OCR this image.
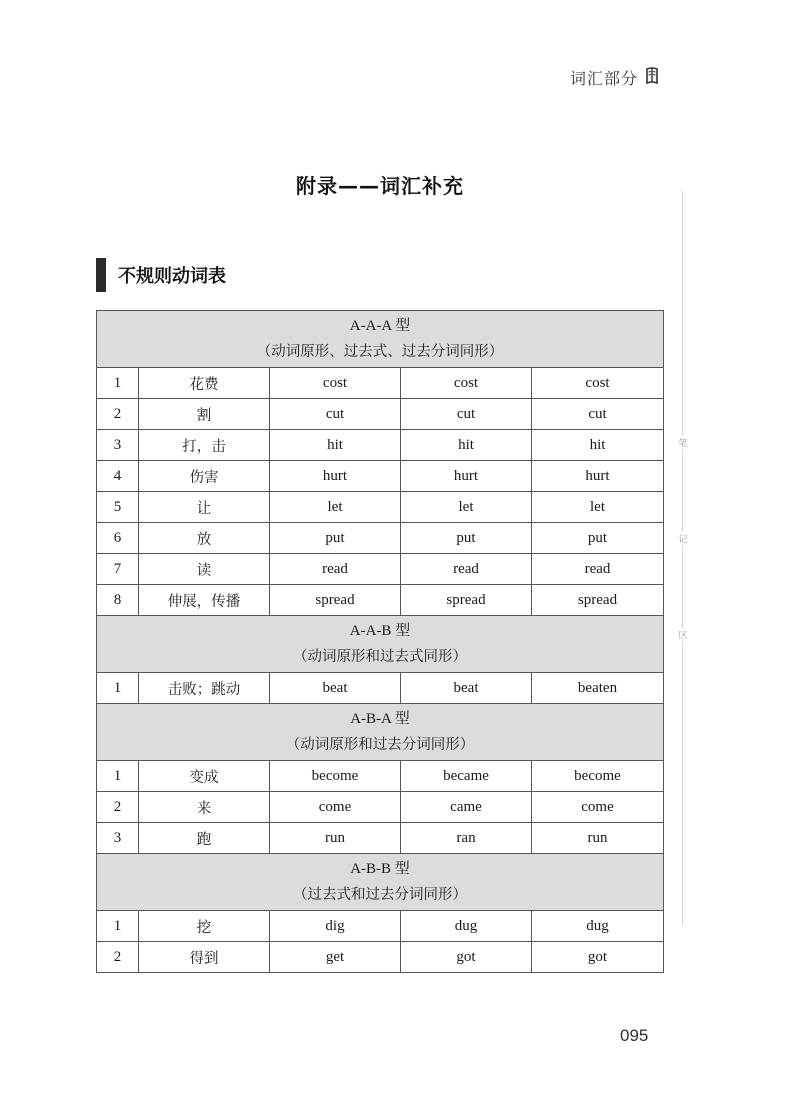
词汇部分
附录——词汇补充
不规则动词表
A-A-A 型
（动词原形、过去式、过去分词同形）				

1	花费	cost	cost	cost
2	割	cut	cut	cut
3	打，击	hit	hit	hit
4	伤害	hurt	hurt	hurt
5	让	let	let	let
6	放	put	put	put
7	读	read	read	read
8	伸展，传播	spread	spread	spread

A-A-B 型
（动词原形和过去式同形）				

1	击败；跳动	beat	beat	beaten

A-B-A 型
（动词原形和过去分词同形）				

1	变成	become	became	become
2	来	come	came	come
3	跑	run	ran	run

A-B-B 型
（过去式和过去分词同形）				

1	挖	dig	dug	dug
2	得到	get	got	got
笔
记
区
095
